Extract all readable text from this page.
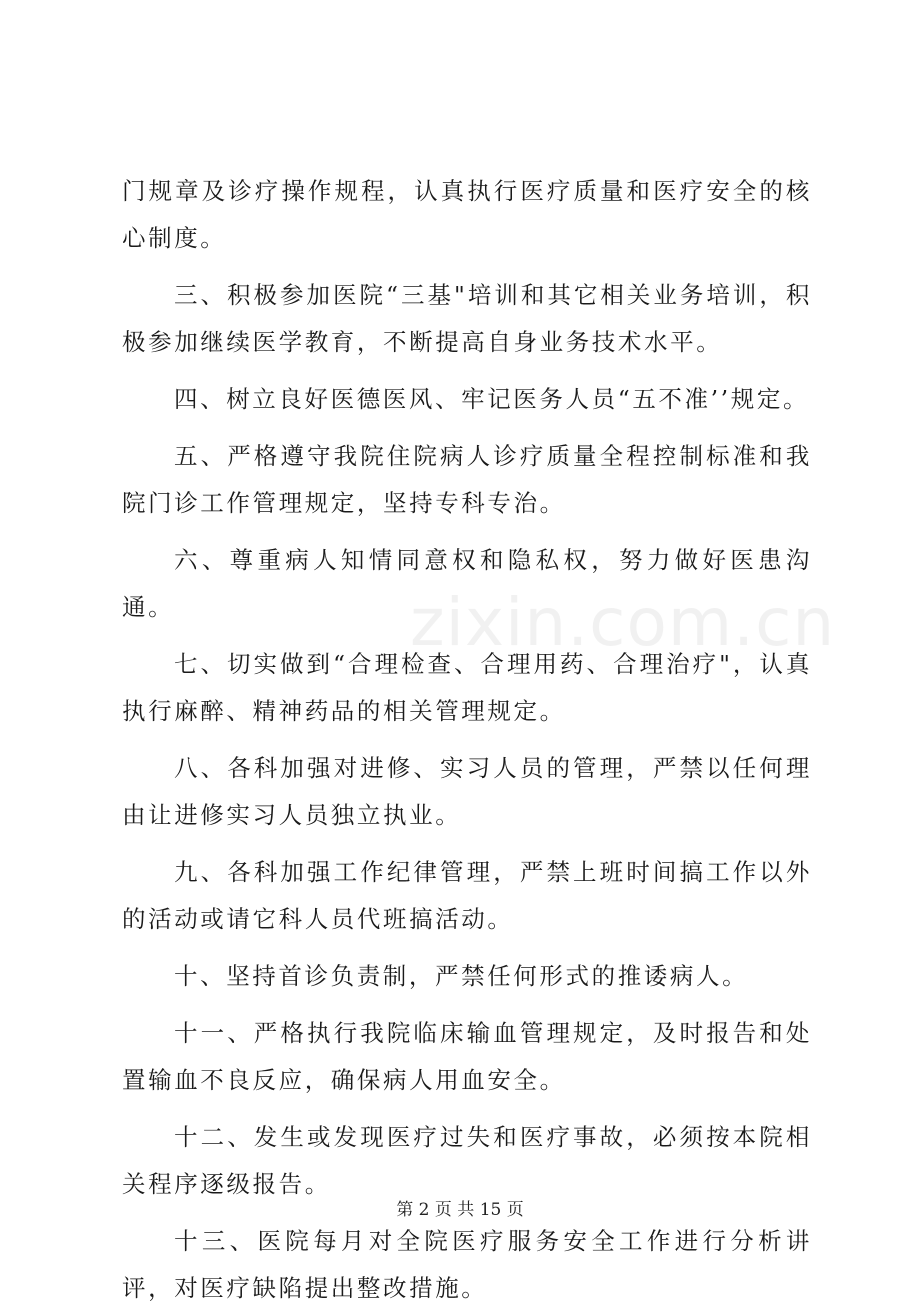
门规章及诊疗操作规程，认真执行医疗质量和医疗安全的核心制度。

三、积极参加医院“三基"培训和其它相关业务培训，积极参加继续医学教育，不断提高自身业务技术水平。

四、树立良好医德医风、牢记医务人员“五不准’’规定。

五、严格遵守我院住院病人诊疗质量全程控制标准和我院门诊工作管理规定，坚持专科专治。

六、尊重病人知情同意权和隐私权，努力做好医患沟通。

七、切实做到“合理检查、合理用药、合理治疗"，认真执行麻醉、精神药品的相关管理规定。

八、各科加强对进修、实习人员的管理，严禁以任何理由让进修实习人员独立执业。

九、各科加强工作纪律管理，严禁上班时间搞工作以外的活动或请它科人员代班搞活动。

十、坚持首诊负责制，严禁任何形式的推诿病人。

十一、严格执行我院临床输血管理规定，及时报告和处置输血不良反应，确保病人用血安全。

十二、发生或发现医疗过失和医疗事故，必须按本院相关程序逐级报告。

十三、医院每月对全院医疗服务安全工作进行分析讲评，对医疗缺陷提出整改措施。

zixin.com.cn
第 2 页 共 15 页
